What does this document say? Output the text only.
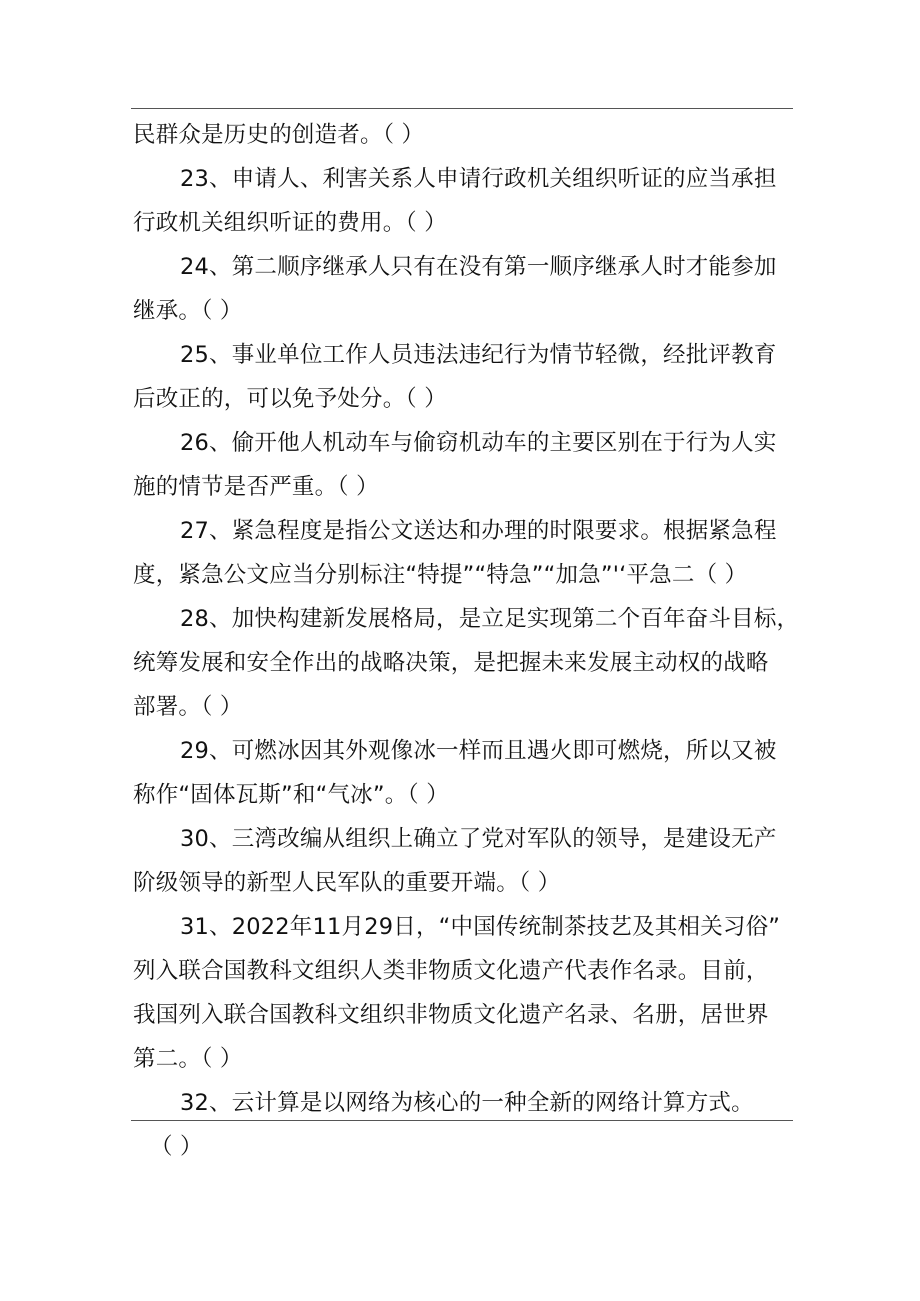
民群众是历史的创造者。（ ）
23、申请人、利害关系人申请行政机关组织听证的应当承担
行政机关组织听证的费用。（ ）
24、第二顺序继承人只有在没有第一顺序继承人时才能参加
继承。（ ）
25、事业单位工作人员违法违纪行为情节轻微，经批评教育
后改正的，可以免予处分。（ ）
26、偷开他人机动车与偷窃机动车的主要区别在于行为人实
施的情节是否严重。（ ）
27、紧急程度是指公文送达和办理的时限要求。根据紧急程
度，紧急公文应当分别标注“特提”“特急”“加急”'‘平急二（ ）
28、加快构建新发展格局，是立足实现第二个百年奋斗目标，
统筹发展和安全作出的战略决策，是把握未来发展主动权的战略
部署。（ ）
29、可燃冰因其外观像冰一样而且遇火即可燃烧，所以又被
称作“固体瓦斯”和“气冰”。（ ）
30、三湾改编从组织上确立了党对军队的领导，是建设无产
阶级领导的新型人民军队的重要开端。（ ）
31、2022年11月29日，“中国传统制茶技艺及其相关习俗”
列入联合国教科文组织人类非物质文化遗产代表作名录。目前，
我国列入联合国教科文组织非物质文化遗产名录、名册，居世界
第二。（ ）
32、云计算是以网络为核心的一种全新的网络计算方式。
（ ）
